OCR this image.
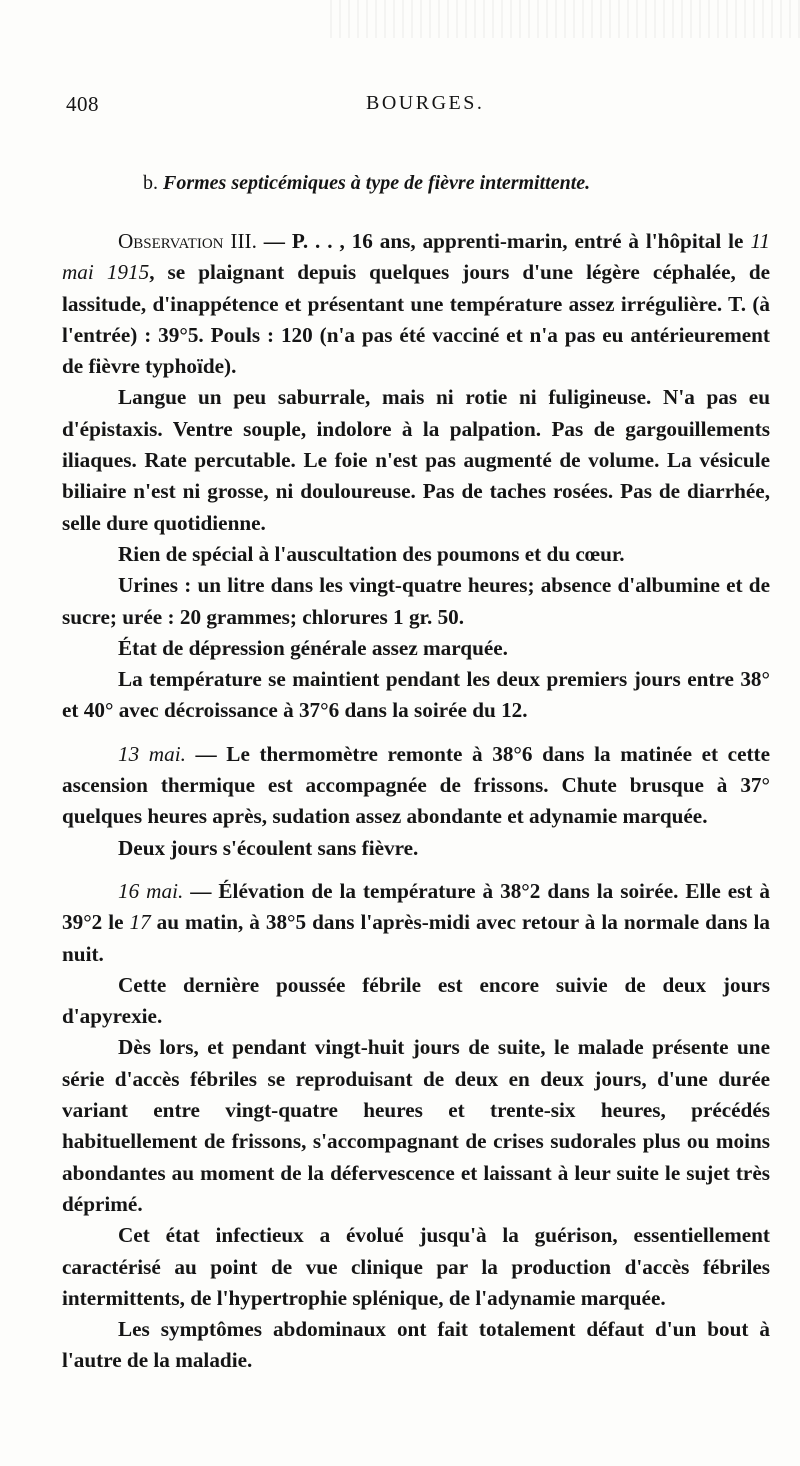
408	BOURGES.
b. Formes septicémiques à type de fièvre intermittente.

Observation III. — P. . . , 16 ans, apprenti-marin, entré à l'hôpital le 11 mai 1915, se plaignant depuis quelques jours d'une légère céphalée, de lassitude, d'inappétence et présentant une température assez irrégulière. T. (à l'entrée) : 39°5. Pouls : 120 (n'a pas été vacciné et n'a pas eu antérieurement de fièvre typhoïde).

Langue un peu saburrale, mais ni rotie ni fuligineuse. N'a pas eu d'épistaxis. Ventre souple, indolore à la palpation. Pas de gargouillements iliaques. Rate percutable. Le foie n'est pas augmenté de volume. La vésicule biliaire n'est ni grosse, ni douloureuse. Pas de taches rosées. Pas de diarrhée, selle dure quotidienne.

Rien de spécial à l'auscultation des poumons et du cœur.

Urines : un litre dans les vingt-quatre heures; absence d'albumine et de sucre; urée : 20 grammes; chlorures 1 gr. 50.

État de dépression générale assez marquée.

La température se maintient pendant les deux premiers jours entre 38° et 40° avec décroissance à 37°6 dans la soirée du 12.

13 mai. — Le thermomètre remonte à 38°6 dans la matinée et cette ascension thermique est accompagnée de frissons. Chute brusque à 37° quelques heures après, sudation assez abondante et adynamie marquée.

Deux jours s'écoulent sans fièvre.

16 mai. — Élévation de la température à 38°2 dans la soirée. Elle est à 39°2 le 17 au matin, à 38°5 dans l'après-midi avec retour à la normale dans la nuit.

Cette dernière poussée fébrile est encore suivie de deux jours d'apyrexie.

Dès lors, et pendant vingt-huit jours de suite, le malade présente une série d'accès fébriles se reproduisant de deux en deux jours, d'une durée variant entre vingt-quatre heures et trente-six heures, précédés habituellement de frissons, s'accompagnant de crises sudorales plus ou moins abondantes au moment de la défervescence et laissant à leur suite le sujet très déprimé.

Cet état infectieux a évolué jusqu'à la guérison, essentiellement caractérisé au point de vue clinique par la production d'accès fébriles intermittents, de l'hypertrophie splénique, de l'adynamie marquée.

Les symptômes abdominaux ont fait totalement défaut d'un bout à l'autre de la maladie.
